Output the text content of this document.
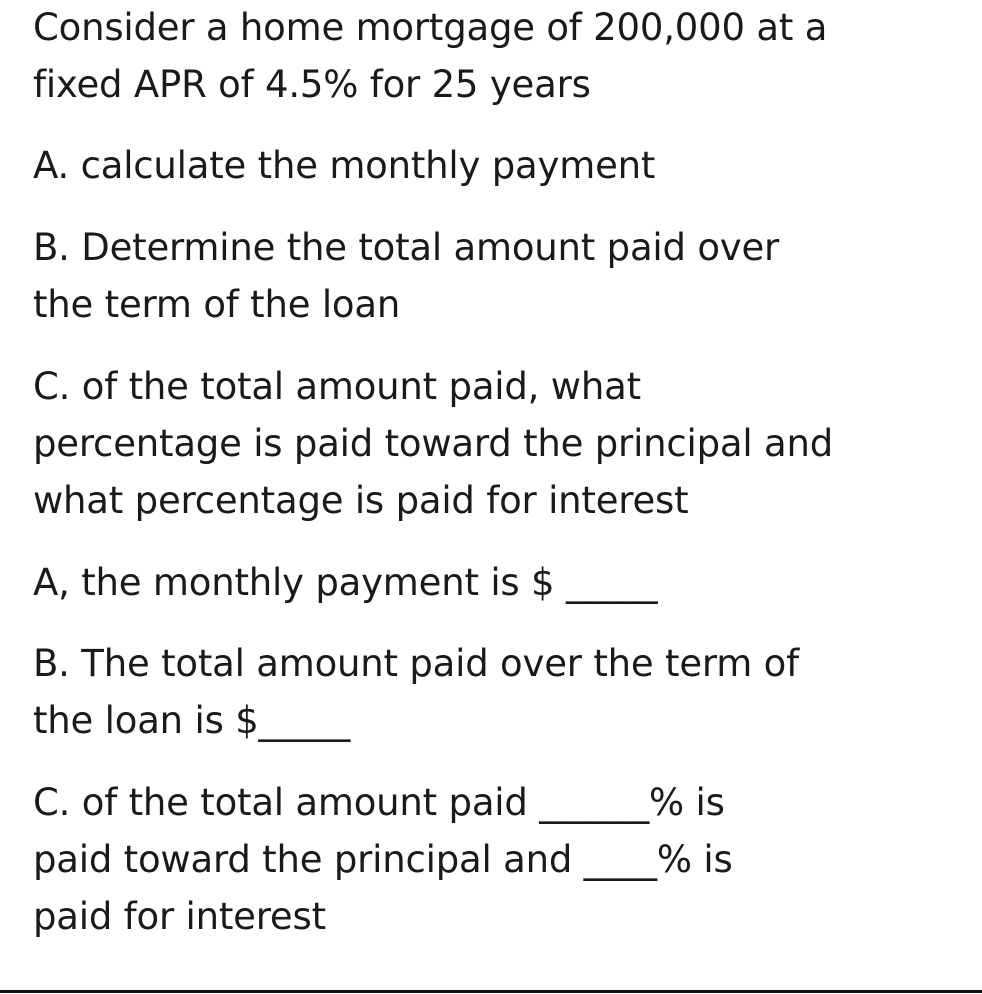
Consider a home mortgage of 200,000 at a
fixed APR of 4.5% for 25 years
A. calculate the monthly payment
B. Determine the total amount paid over
the term of the loan
C. of the total amount paid, what
percentage is paid toward the principal and
what percentage is paid for interest
A, the monthly payment is $ _____
B. The total amount paid over the term of
the loan is $_____
C. of the total amount paid ______% is
paid toward the principal and ____% is
paid for interest
